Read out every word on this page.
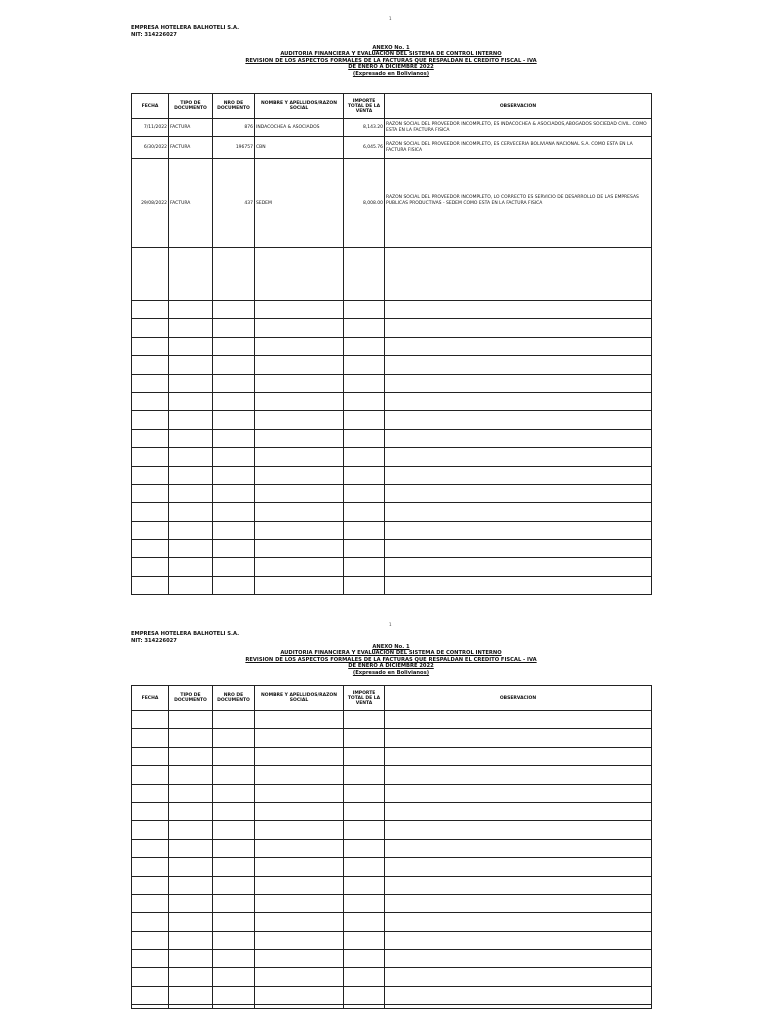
1
EMPRESA HOTELERA BALHOTELI S.A.
NIT: 314226027
ANEXO No. 1
AUDITORIA FINANCIERA Y EVALUACION DEL SISTEMA DE CONTROL INTERNO
REVISION DE LOS ASPECTOS FORMALES DE LA FACTURAS QUE RESPALDAN EL CREDITO FISCAL - IVA
DE ENERO A DICIEMBRE 2022
(Expresado en Bolivianos)
FECHA	TIPO DE DOCUMENTO	NRO DE DOCUMENTO	NOMBRE Y APELLIDOS/RAZON SOCIAL	IMPORTE TOTAL DE LA VENTA	OBSERVACION
7/11/2022	FACTURA	876	INDACOCHEA & ASOCIADOS	8,143.20	RAZON SOCIAL DEL PROVEEDOR INCOMPLETO, ES INDACOCHEA & ASOCIADOS,ABOGADOS SOCIEDAD CIVIL. COMO ESTA EN LA FACTURA FISICA
6/30/2022	FACTURA	196757	CBN	6,045.76	RAZON SOCIAL DEL PROVEEDOR INCOMPLETO, ES CERVECERIA BOLIVIANA NACIONAL S.A. COMO ESTA EN LA FACTURA FISICA
29/08/2022	FACTURA	437	SEDEM	8,008.00	RAZON SOCIAL DEL PROVEEDOR INCOMPLETO, LO CORRECTO ES SERVICIO DE DESARROLLO DE LAS EMPRESAS PUBLICAS PRODUCTIVAS - SEDEM COMO ESTA EN LA FACTURA FISICA

1
EMPRESA HOTELERA BALHOTELI S.A.
NIT: 314226027
ANEXO No. 1
AUDITORIA FINANCIERA Y EVALUACION DEL SISTEMA DE CONTROL INTERNO
REVISION DE LOS ASPECTOS FORMALES DE LA FACTURAS QUE RESPALDAN EL CREDITO FISCAL - IVA
DE ENERO A DICIEMBRE 2022
(Expresado en Bolivianos)
FECHA	TIPO DE DOCUMENTO	NRO DE DOCUMENTO	NOMBRE Y APELLIDOS/RAZON SOCIAL	IMPORTE TOTAL DE LA VENTA	OBSERVACION
